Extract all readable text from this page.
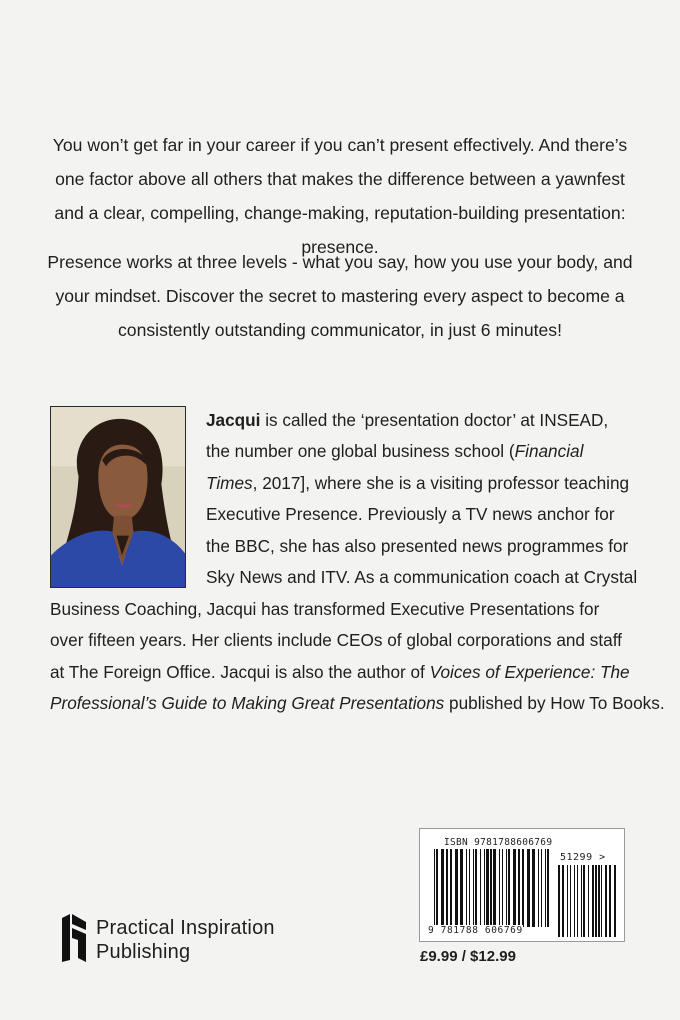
You won’t get far in your career if you can’t present effectively. And there’s one factor above all others that makes the difference between a yawnfest and a clear, compelling, change-making, reputation-building presentation: presence.

Presence works at three levels - what you say, how you use your body, and your mindset. Discover the secret to mastering every aspect to become a consistently outstanding communicator, in just 6 minutes!

Jacqui is called the ‘presentation doctor’ at INSEAD,

the number one global business school (Financial

Times, 2017], where she is a visiting professor teaching

Executive Presence. Previously a TV news anchor for

the BBC, she has also presented news programmes for

Sky News and ITV. As a communication coach at Crystal

Business Coaching, Jacqui has transformed Executive Presentations for

over fifteen years. Her clients include CEOs of global corporations and staff

at The Foreign Office. Jacqui is also the author of Voices of Experience: The

Professional’s Guide to Making Great Presentations published by How To Books.

Practical Inspiration
Publishing
ISBN 9781788606769
51299 >
9 781788 606769
£9.99 / $12.99
